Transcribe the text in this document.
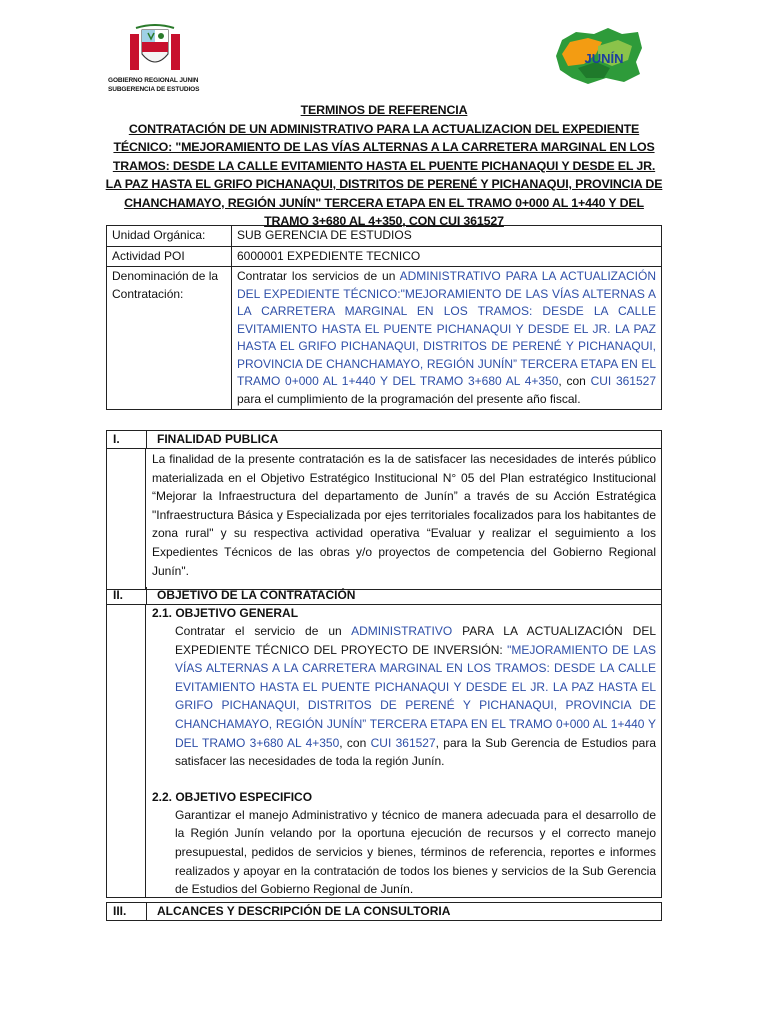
GOBIERNO REGIONAL JUNIN
SUBGERENCIA DE ESTUDIOS
JUNÍN
TERMINOS DE REFERENCIA
CONTRATACIÓN DE UN ADMINISTRATIVO PARA LA ACTUALIZACION DEL EXPEDIENTE TÉCNICO: "MEJORAMIENTO DE LAS VÍAS ALTERNAS A LA CARRETERA MARGINAL EN LOS TRAMOS: DESDE LA CALLE EVITAMIENTO HASTA EL PUENTE PICHANAQUI Y DESDE EL JR. LA PAZ HASTA EL GRIFO PICHANAQUI, DISTRITOS DE PERENÉ Y PICHANAQUI, PROVINCIA DE CHANCHAMAYO, REGIÓN JUNÍN" TERCERA ETAPA EN EL TRAMO 0+000 AL 1+440 Y DEL TRAMO 3+680 AL 4+350, CON CUI 361527
Unidad Orgánica:	SUB GERENCIA DE ESTUDIOS
Actividad POI	6000001 EXPEDIENTE TECNICO
Denominación de la Contratación:	Contratar los servicios de un ADMINISTRATIVO PARA LA ACTUALIZACIÓN DEL EXPEDIENTE TÉCNICO:"MEJORAMIENTO DE LAS VÍAS ALTERNAS A LA CARRETERA MARGINAL EN LOS TRAMOS: DESDE LA CALLE EVITAMIENTO HASTA EL PUENTE PICHANAQUI Y DESDE EL JR. LA PAZ HASTA EL GRIFO PICHANAQUI, DISTRITOS DE PERENÉ Y PICHANAQUI, PROVINCIA DE CHANCHAMAYO, REGIÓN JUNÍN” TERCERA ETAPA EN EL TRAMO 0+000 AL 1+440 Y DEL TRAMO 3+680 AL 4+350, con CUI 361527 para el cumplimiento de la programación del presente año fiscal.
I.	FINALIDAD PUBLICA
La finalidad de la presente contratación es la de satisfacer las necesidades de interés público materializada en el Objetivo Estratégico Institucional N° 05 del Plan estratégico Institucional “Mejorar la Infraestructura del departamento de Junín” a través de su Acción Estratégica "Infraestructura Básica y Especializada por ejes territoriales focalizados para los habitantes de zona rural" y su respectiva actividad operativa “Evaluar y realizar el seguimiento a los Expedientes Técnicos de las obras y/o proyectos de competencia del Gobierno Regional Junín".
II.	OBJETIVO DE LA CONTRATACIÓN
2.1. OBJETIVO GENERAL
Contratar el servicio de un ADMINISTRATIVO PARA LA ACTUALIZACIÓN DEL EXPEDIENTE TÉCNICO DEL PROYECTO DE INVERSIÓN: "MEJORAMIENTO DE LAS VÍAS ALTERNAS A LA CARRETERA MARGINAL EN LOS TRAMOS: DESDE LA CALLE EVITAMIENTO HASTA EL PUENTE PICHANAQUI Y DESDE EL JR. LA PAZ HASTA EL GRIFO PICHANAQUI, DISTRITOS DE PERENÉ Y PICHANAQUI, PROVINCIA DE CHANCHAMAYO, REGIÓN JUNÍN” TERCERA ETAPA EN EL TRAMO 0+000 AL 1+440 Y DEL TRAMO 3+680 AL 4+350, con CUI 361527, para la Sub Gerencia de Estudios para satisfacer las necesidades de toda la región Junín.
2.2. OBJETIVO ESPECIFICO
Garantizar el manejo Administrativo y técnico de manera adecuada para el desarrollo de la Región Junín velando por la oportuna ejecución de recursos y el correcto manejo presupuestal, pedidos de servicios y bienes, términos de referencia, reportes e informes realizados y apoyar en la contratación de todos los bienes y servicios de la Sub Gerencia de Estudios del Gobierno Regional de Junín.
III.	ALCANCES Y DESCRIPCIÓN DE LA CONSULTORIA
